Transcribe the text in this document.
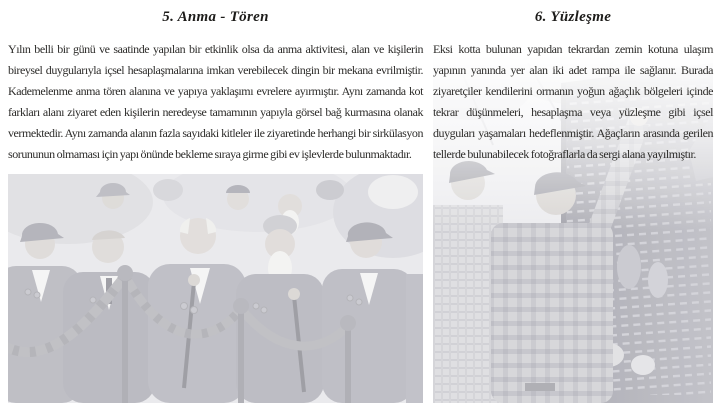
5. Anma - Tören

Yılın belli bir günü ve saatinde yapılan bir etkinlik olsa da anma aktivitesi, alan ve kişilerin bireysel duygularıyla içsel hesaplaşmalarına imkan verebilecek dingin bir mekana evrilmiştir. Kademelenme anma tören alanına ve yapıya yaklaşımı evrelere ayırmıştır. Aynı zamanda kot farkları alanı ziyaret eden kişilerin neredeyse tamamının yapıyla görsel bağ kurmasına olanak vermektedir. Aynı zamanda alanın fazla sayıdaki kitleler ile ziyaretinde herhangi bir sirkülasyon sorununun olmaması için yapı önünde bekleme sıraya girme gibi ev işlevlerde bulunmaktadır.

6. Yüzleşme

Eksi kotta bulunan yapıdan tekrardan zemin kotuna ulaşım yapının yanında yer alan iki adet rampa ile sağlanır. Burada ziyaretçiler kendilerini ormanın yoğun ağaçlık bölgeleri içinde tekrar düşünmeleri, hesaplaşma veya yüzleşme gibi içsel duyguları yaşamaları hedeflenmiştir. Ağaçların arasında gerilen tellerde bulunabilecek fotoğraflarla da sergi alana yayılmıştır.
